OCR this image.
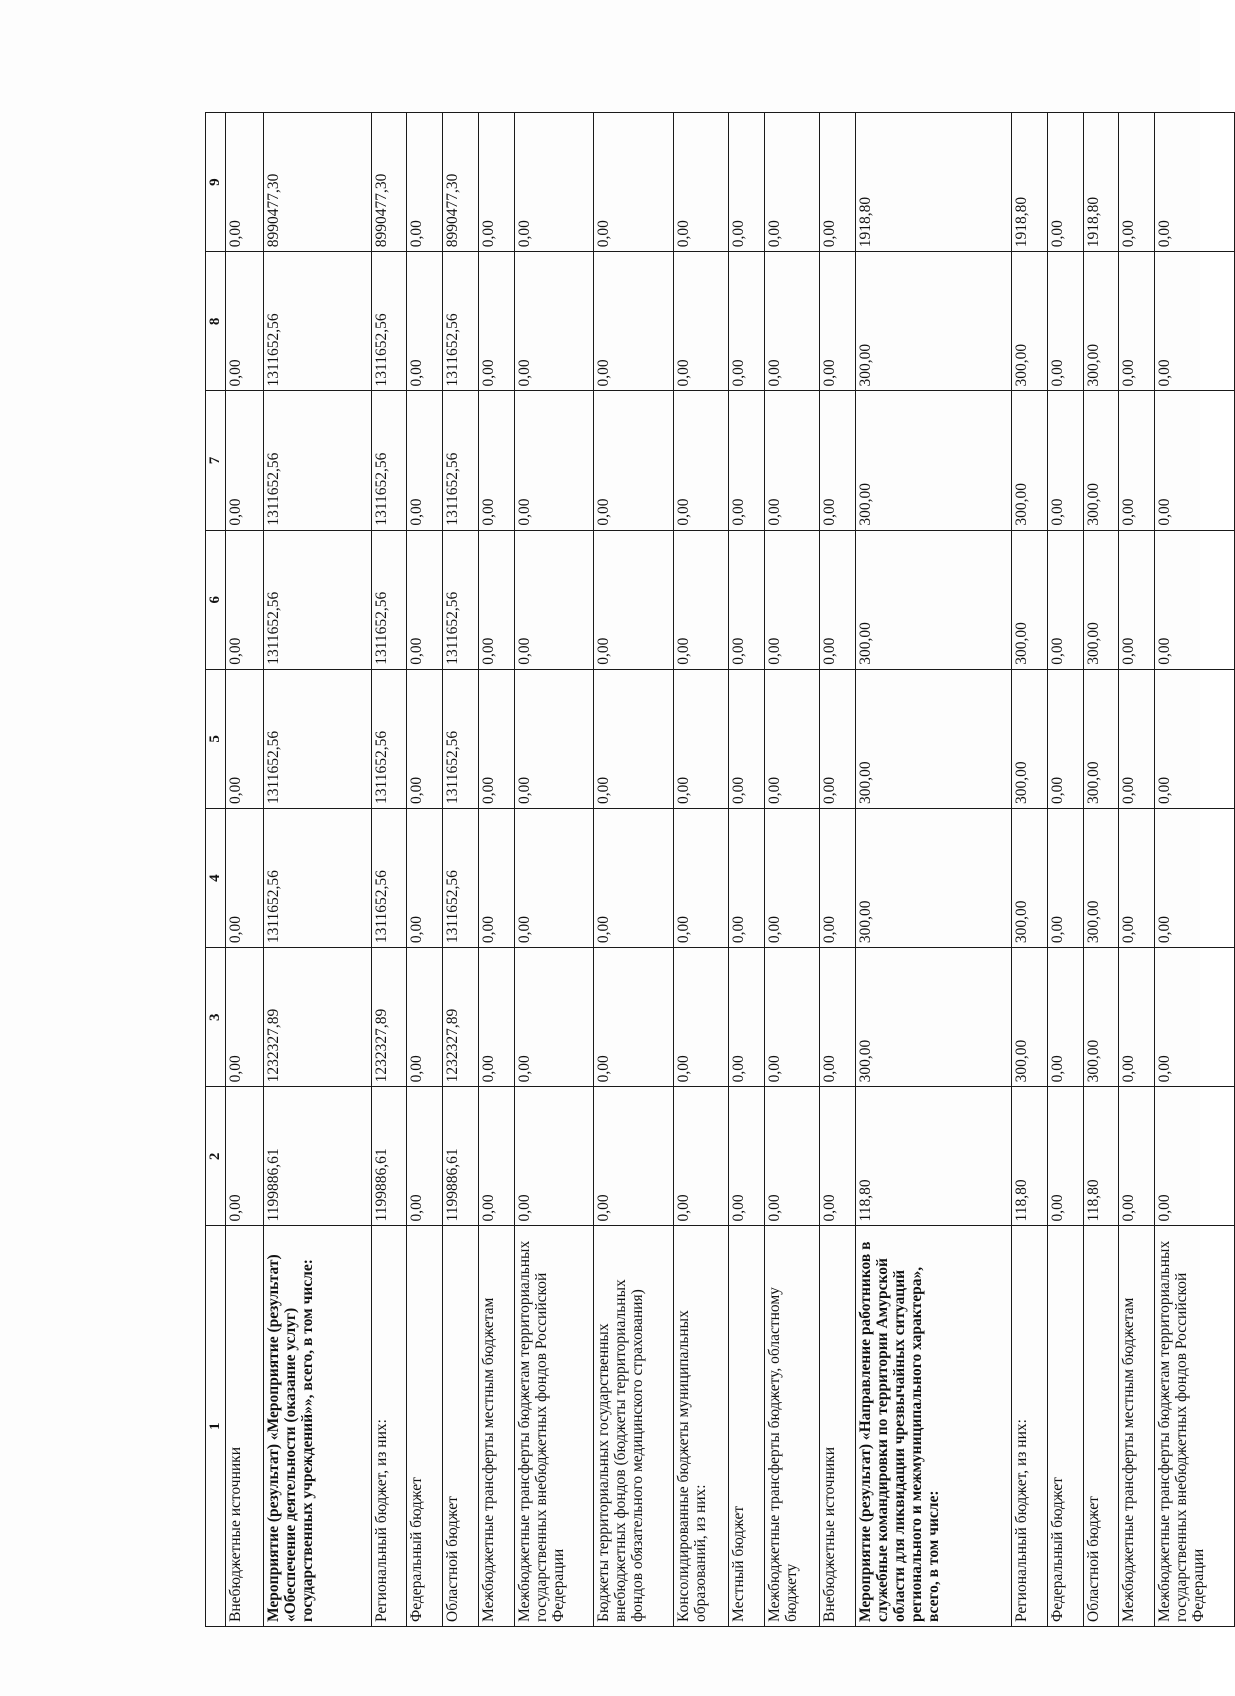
1	2	3	4	5	6	7	8	9
Внебюджетные источники	0,00	0,00	0,00	0,00	0,00	0,00	0,00	0,00
Мероприятие (результат) «Мероприятие (результат) «Обеспечение деятельности (оказание услуг) государственных учреждений»», всего, в том числе:	1199886,61	1232327,89	1311652,56	1311652,56	1311652,56	1311652,56	1311652,56	8990477,30
Региональный бюджет, из них:	1199886,61	1232327,89	1311652,56	1311652,56	1311652,56	1311652,56	1311652,56	8990477,30
Федеральный бюджет	0,00	0,00	0,00	0,00	0,00	0,00	0,00	0,00
Областной бюджет	1199886,61	1232327,89	1311652,56	1311652,56	1311652,56	1311652,56	1311652,56	8990477,30
Межбюджетные трансферты местным бюджетам	0,00	0,00	0,00	0,00	0,00	0,00	0,00	0,00
Межбюджетные трансферты бюджетам территориальных государственных внебюджетных фондов Российской Федерации	0,00	0,00	0,00	0,00	0,00	0,00	0,00	0,00
Бюджеты территориальных государственных внебюджетных фондов (бюджеты территориальных фондов обязательного медицинского страхования)	0,00	0,00	0,00	0,00	0,00	0,00	0,00	0,00
Консолидированные бюджеты муниципальных образований, из них:	0,00	0,00	0,00	0,00	0,00	0,00	0,00	0,00
Местный бюджет	0,00	0,00	0,00	0,00	0,00	0,00	0,00	0,00
Межбюджетные трансферты бюджету, областному бюджету	0,00	0,00	0,00	0,00	0,00	0,00	0,00	0,00
Внебюджетные источники	0,00	0,00	0,00	0,00	0,00	0,00	0,00	0,00
Мероприятие (результат) «Направление работников в служебные командировки по территории Амурской области для ликвидации чрезвычайных ситуаций регионального и межмуниципального характера», всего, в том числе:	118,80	300,00	300,00	300,00	300,00	300,00	300,00	1918,80
Региональный бюджет, из них:	118,80	300,00	300,00	300,00	300,00	300,00	300,00	1918,80
Федеральный бюджет	0,00	0,00	0,00	0,00	0,00	0,00	0,00	0,00
Областной бюджет	118,80	300,00	300,00	300,00	300,00	300,00	300,00	1918,80
Межбюджетные трансферты местным бюджетам	0,00	0,00	0,00	0,00	0,00	0,00	0,00	0,00
Межбюджетные трансферты бюджетам территориальных государственных внебюджетных фондов Российской Федерации	0,00	0,00	0,00	0,00	0,00	0,00	0,00	0,00
